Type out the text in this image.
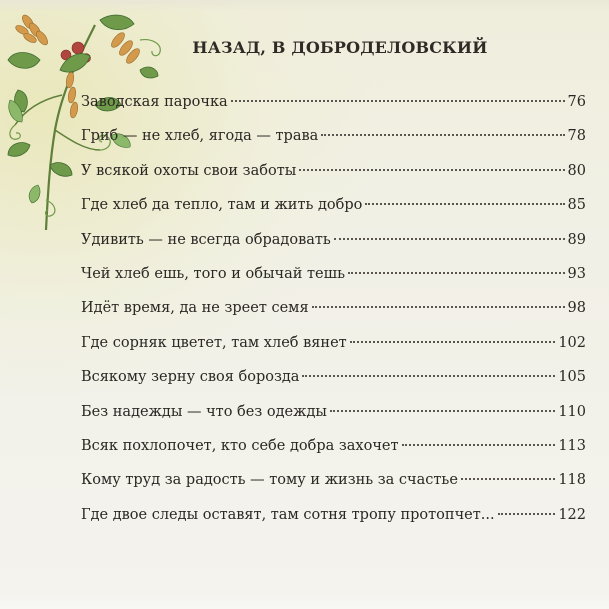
НАЗАД, В ДОБРОДЕЛОВСКИЙ
Заводская парочка	76
Гриб — не хлеб, ягода — трава	78
У всякой охоты свои заботы	80
Где хлеб да тепло, там и жить добро	85
Удивить — не всегда обрадовать	89
Чей хлеб ешь, того и обычай тешь	93
Идёт время, да не зреет семя	98
Где сорняк цветет, там хлеб вянет	102
Всякому зерну своя борозда	105
Без надежды — что без одежды	110
Всяк похлопочет, кто себе добра захочет	113
Кому труд за радость — тому и жизнь за счастье	118
Где двое следы оставят, там сотня тропу протопчет...	122
